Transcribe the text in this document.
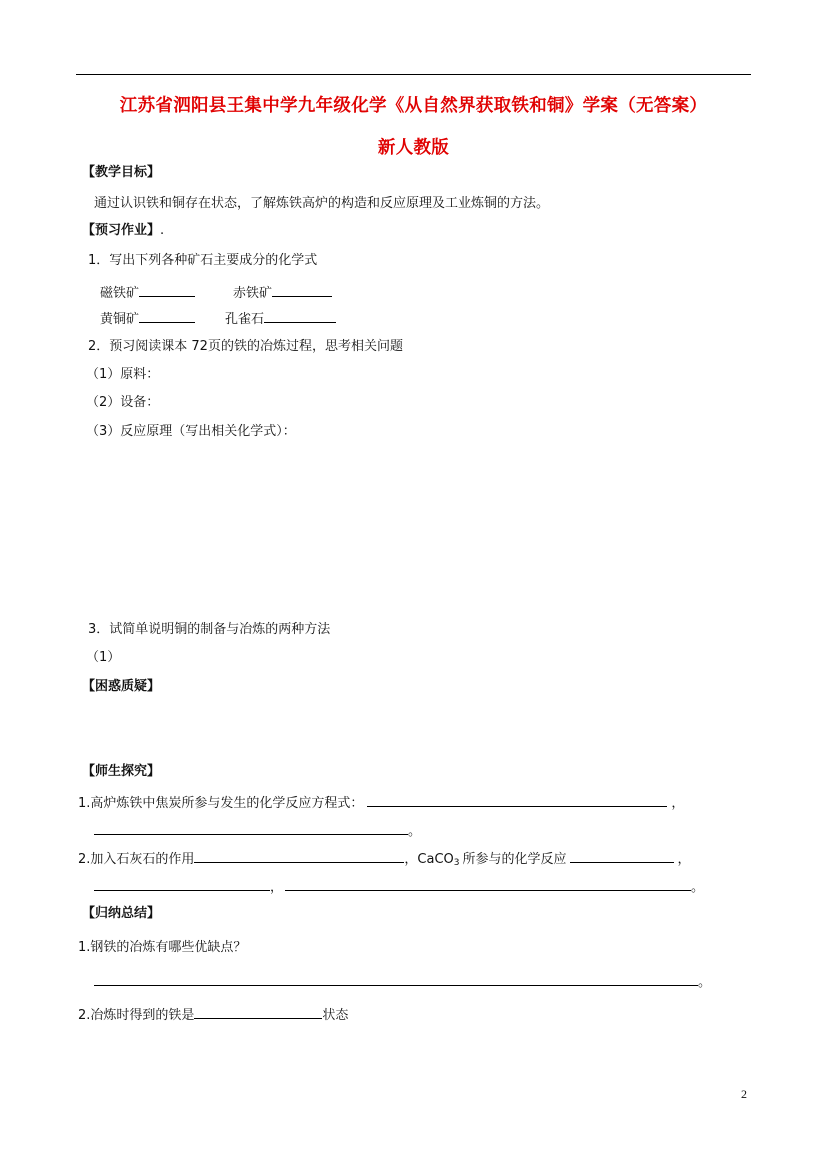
江苏省泗阳县王集中学九年级化学《从自然界获取铁和铜》学案（无答案）
新人教版
【教学目标】
通过认识铁和铜存在状态，了解炼铁高炉的构造和反应原理及工业炼铜的方法。
【预习作业】.
1．写出下列各种矿石主要成分的化学式
磁铁矿	赤铁矿
黄铜矿	孔雀石
2．预习阅读课本 72页的铁的冶炼过程，思考相关问题
（1）原料：
（2）设备：
（3）反应原理（写出相关化学式）：
3．试简单说明铜的制备与冶炼的两种方法
（1）
【困惑质疑】
【师生探究】
1.高炉炼铁中焦炭所参与发生的化学反应方程式：	，
。
2.加入石灰石的作用	，CaCO$_3$ 所参与的化学反应	，
，	。
【归纳总结】
1.钢铁的冶炼有哪些优缺点？
。
2.冶炼时得到的铁是	状态
2
